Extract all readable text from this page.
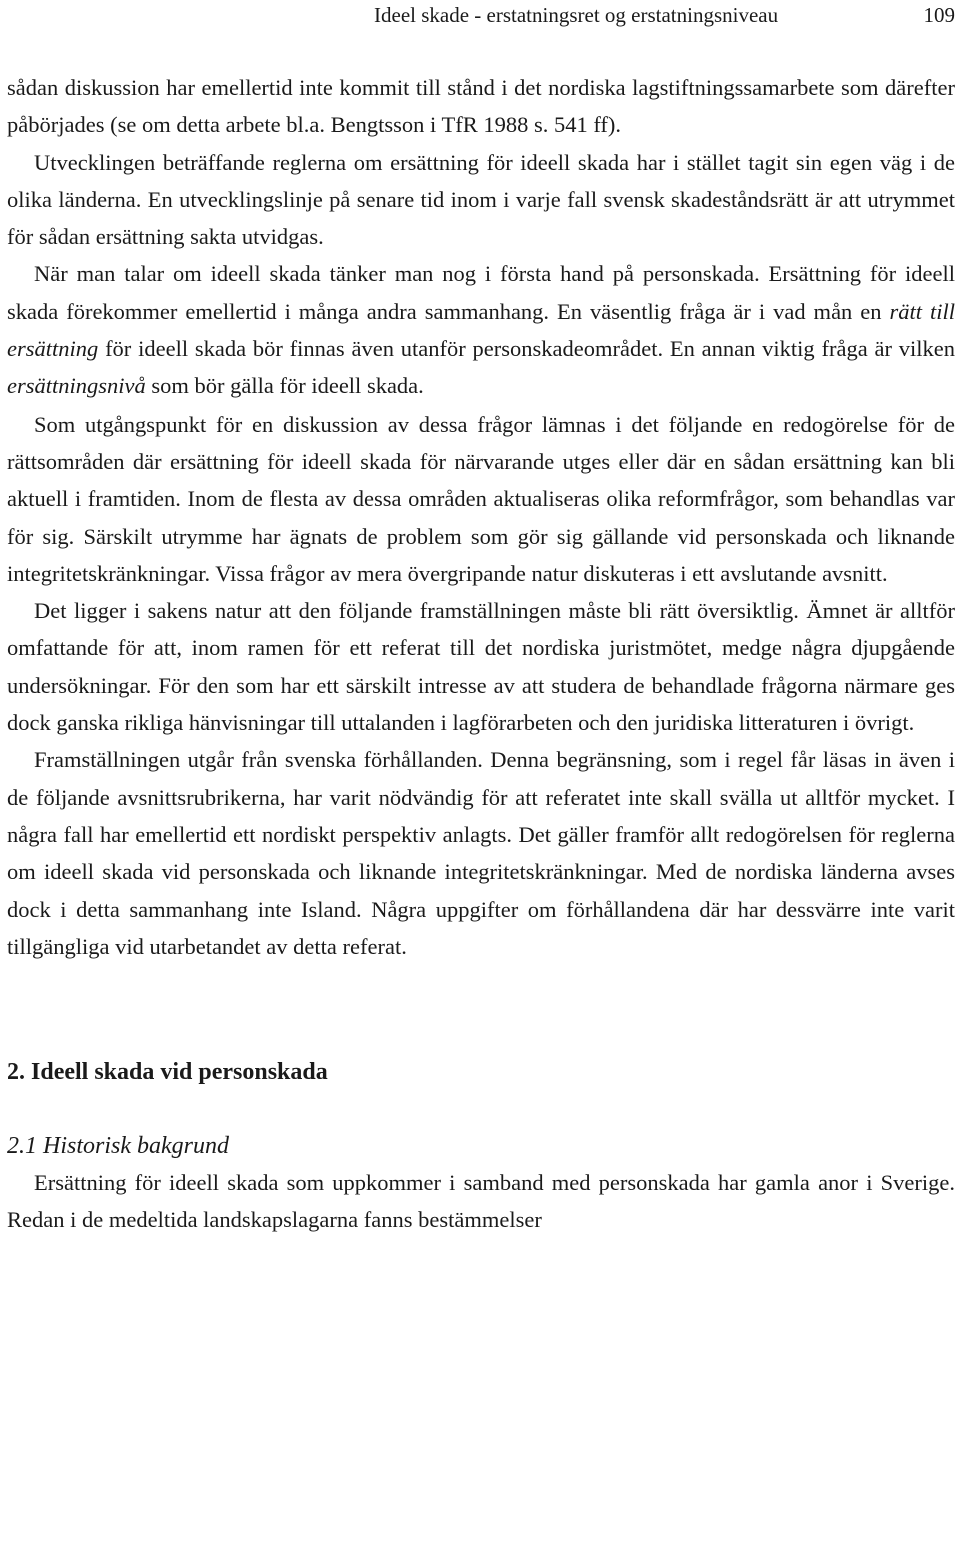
Ideel skade - erstatningsret og erstatningsniveau	109

sådan diskussion har emellertid inte kommit till stånd i det nordiska lagstiftningssamarbete som därefter påbörjades (se om detta arbete bl.a. Bengtsson i TfR 1988 s. 541 ff).

Utvecklingen beträffande reglerna om ersättning för ideell skada har i stället tagit sin egen väg i de olika länderna. En utvecklingslinje på senare tid inom i varje fall svensk skadeståndsrätt är att utrymmet för sådan ersättning sakta utvidgas.

När man talar om ideell skada tänker man nog i första hand på personskada. Ersättning för ideell skada förekommer emellertid i många andra sammanhang. En väsentlig fråga är i vad mån en rätt till ersättning för ideell skada bör finnas även utanför personskadeområdet. En annan viktig fråga är vilken ersättningsnivå som bör gälla för ideell skada.

Som utgångspunkt för en diskussion av dessa frågor lämnas i det följande en redogörelse för de rättsområden där ersättning för ideell skada för närvarande utges eller där en sådan ersättning kan bli aktuell i framtiden. Inom de flesta av dessa områden aktualiseras olika reformfrågor, som behandlas var för sig. Särskilt utrymme har ägnats de problem som gör sig gällande vid personskada och liknande integritetskränkningar. Vissa frågor av mera övergripande natur diskuteras i ett avslutande avsnitt.

Det ligger i sakens natur att den följande framställningen måste bli rätt översiktlig. Ämnet är alltför omfattande för att, inom ramen för ett referat till det nordiska juristmötet, medge några djupgående undersökningar. För den som har ett särskilt intresse av att studera de behandlade frågorna närmare ges dock ganska rikliga hänvisningar till uttalanden i lagförarbeten och den juridiska litteraturen i övrigt.

Framställningen utgår från svenska förhållanden. Denna begränsning, som i regel får läsas in även i de följande avsnittsrubrikerna, har varit nödvändig för att referatet inte skall svälla ut alltför mycket. I några fall har emellertid ett nordiskt perspektiv anlagts. Det gäller framför allt redogörelsen för reglerna om ideell skada vid personskada och liknande integritetskränkningar. Med de nordiska länderna avses dock i detta sammanhang inte Island. Några uppgifter om förhållandena där har dessvärre inte varit tillgängliga vid utarbetandet av detta referat.

2. Ideell skada vid personskada
2.1 Historisk bakgrund

Ersättning för ideell skada som uppkommer i samband med personskada har gamla anor i Sverige. Redan i de medeltida landskapslagarna fanns bestämmelser
